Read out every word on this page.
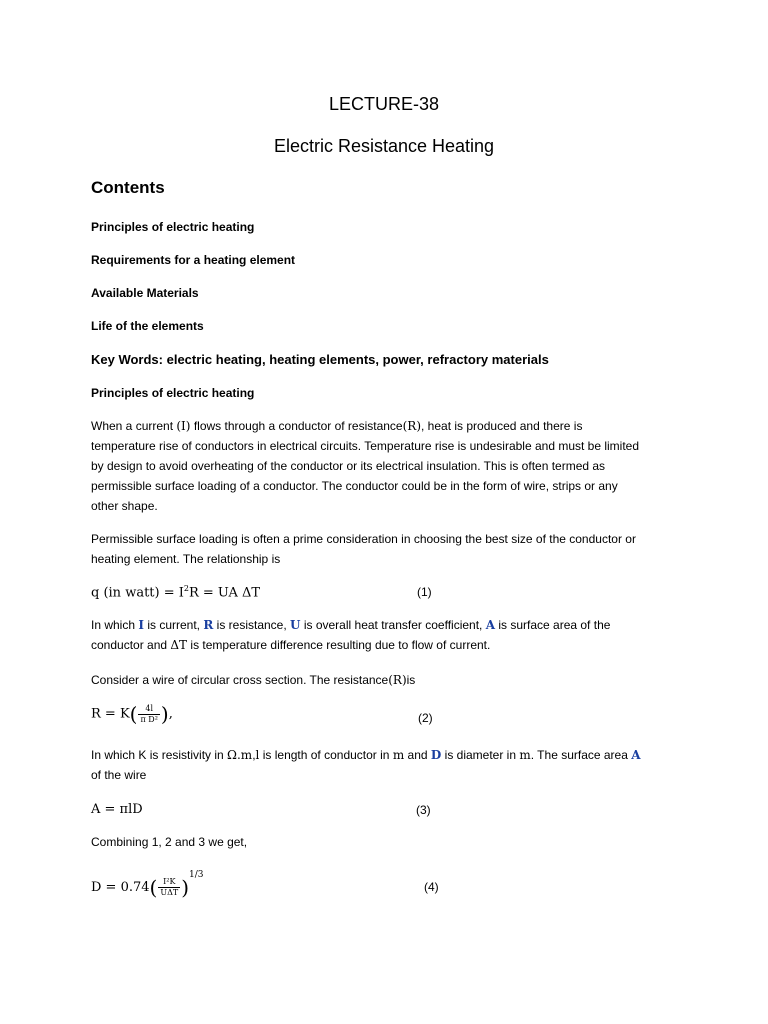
LECTURE-38
Electric Resistance Heating
Contents
Principles of electric heating
Requirements for a heating element
Available Materials
Life of the elements
Key Words: electric heating, heating elements, power, refractory materials
Principles of electric heating
When a current (I) flows through a conductor of resistance(R), heat is produced and there is
temperature rise of conductors in electrical circuits. Temperature rise is undesirable and must be limited
by design to avoid overheating of the conductor or its electrical insulation. This is often termed as
permissible surface loading of a conductor. The conductor could be in the form of wire, strips or any
other shape.
Permissible surface loading is often a prime consideration in choosing the best size of the conductor or
heating element. The relationship is
q (in watt) = $I^2R$ = UA ΔT	(1)
In which I is current, R is resistance, U is overall heat transfer coefficient, A is surface area of the
conductor and ΔT is temperature difference resulting due to flow of current.
Consider a wire of circular cross section. The resistance(R)is
$R = K( \frac{4l}{\text{π D²}}$ ),	(2)
In which K is resistivity in Ω.m,l is length of conductor in m and D is diameter in m. The surface area A
of the wire
A = πlD	(3)
Combining 1, 2 and 3 we get,
$D = 0.74( \frac{\text{I²K}}{\text{UΔT}} )^{1/3}$
(4)
